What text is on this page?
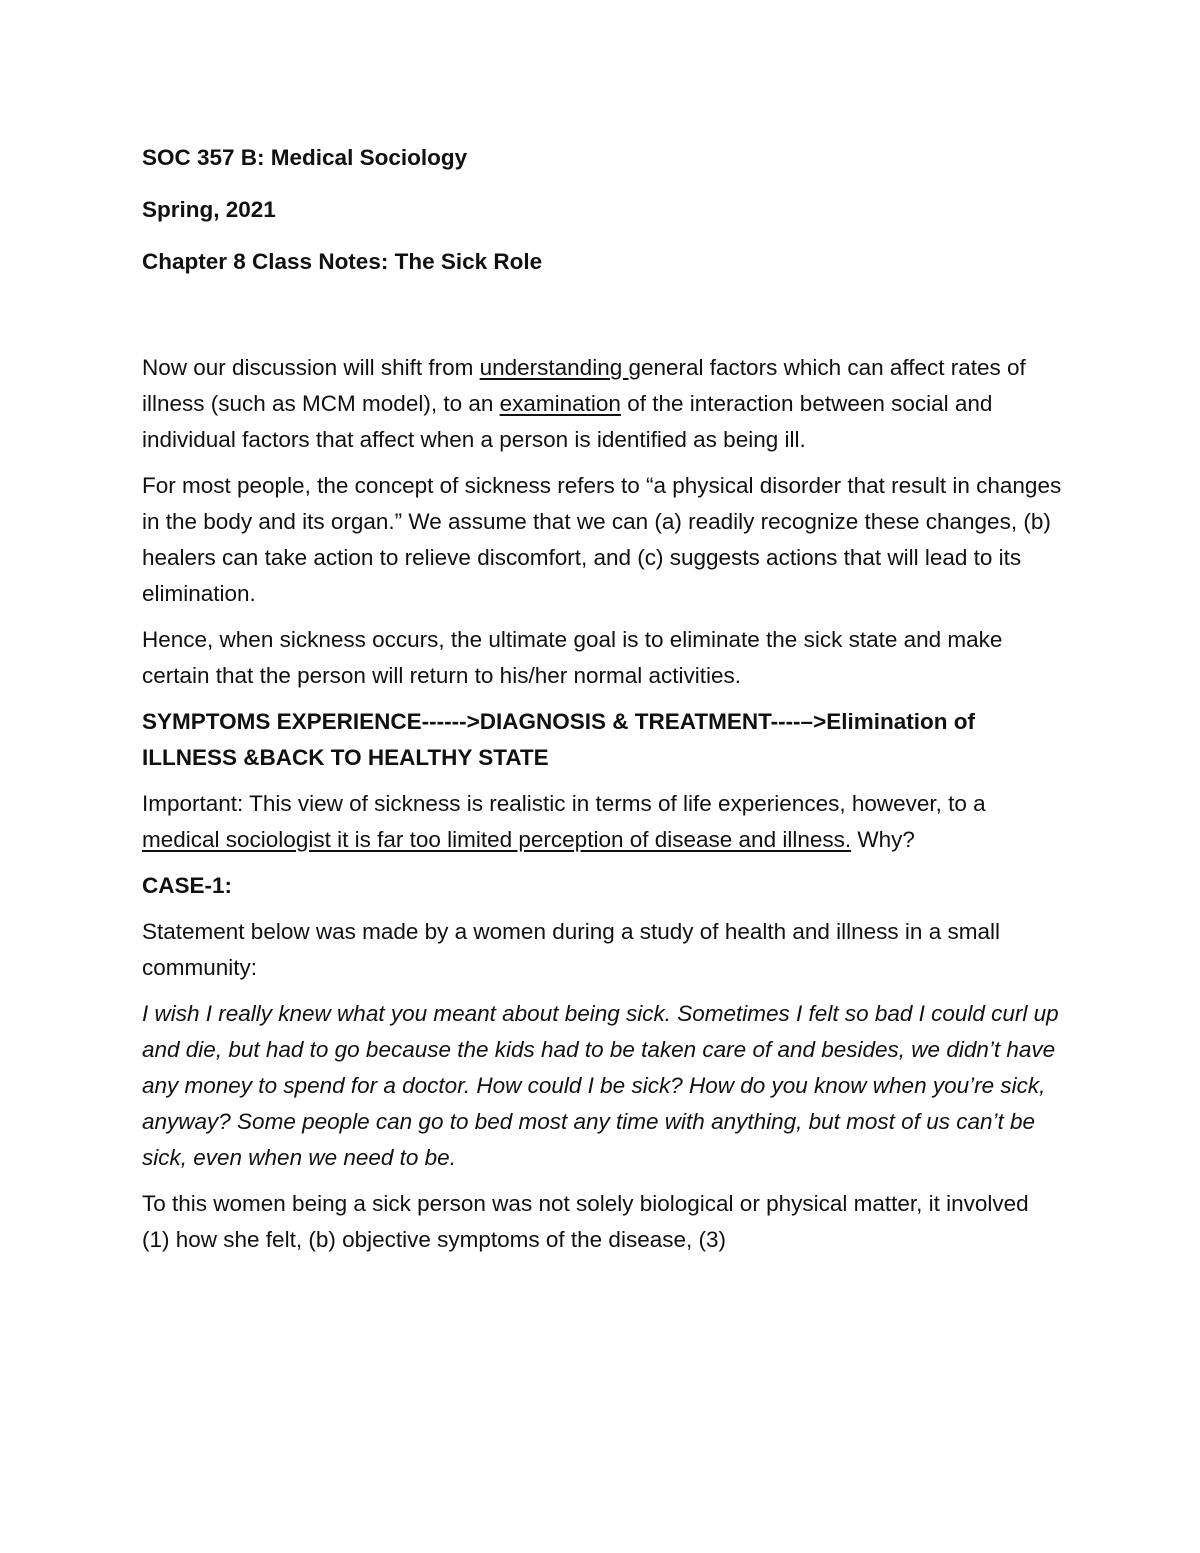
SOC 357 B: Medical Sociology

Spring, 2021

Chapter 8 Class Notes: The Sick Role

Now our discussion will shift from understanding general factors which can affect rates of illness (such as MCM model), to an examination of the interaction between social and individual factors that affect when a person is identified as being ill.

For most people, the concept of sickness refers to “a physical disorder that result in changes in the body and its organ.” We assume that we can (a) readily recognize these changes, (b) healers can take action to relieve discomfort, and (c) suggests actions that will lead to its elimination.

Hence, when sickness occurs, the ultimate goal is to eliminate the sick state and make certain that the person will return to his/her normal activities.

SYMPTOMS EXPERIENCE------>DIAGNOSIS & TREATMENT----–>Elimination of ILLNESS &BACK TO HEALTHY STATE

Important: This view of sickness is realistic in terms of life experiences, however, to a medical sociologist it is far too limited perception of disease and illness. Why?

CASE-1:

Statement below was made by a women during a study of health and illness in a small community:

I wish I really knew what you meant about being sick. Sometimes I felt so bad I could curl up and die, but had to go because the kids had to be taken care of and besides, we didn’t have any money to spend for a doctor. How could I be sick? How do you know when you’re sick, anyway? Some people can go to bed most any time with anything, but most of us can’t be sick, even when we need to be.

To this women being a sick person was not solely biological or physical matter, it involved (1) how she felt, (b) objective symptoms of the disease, (3)
